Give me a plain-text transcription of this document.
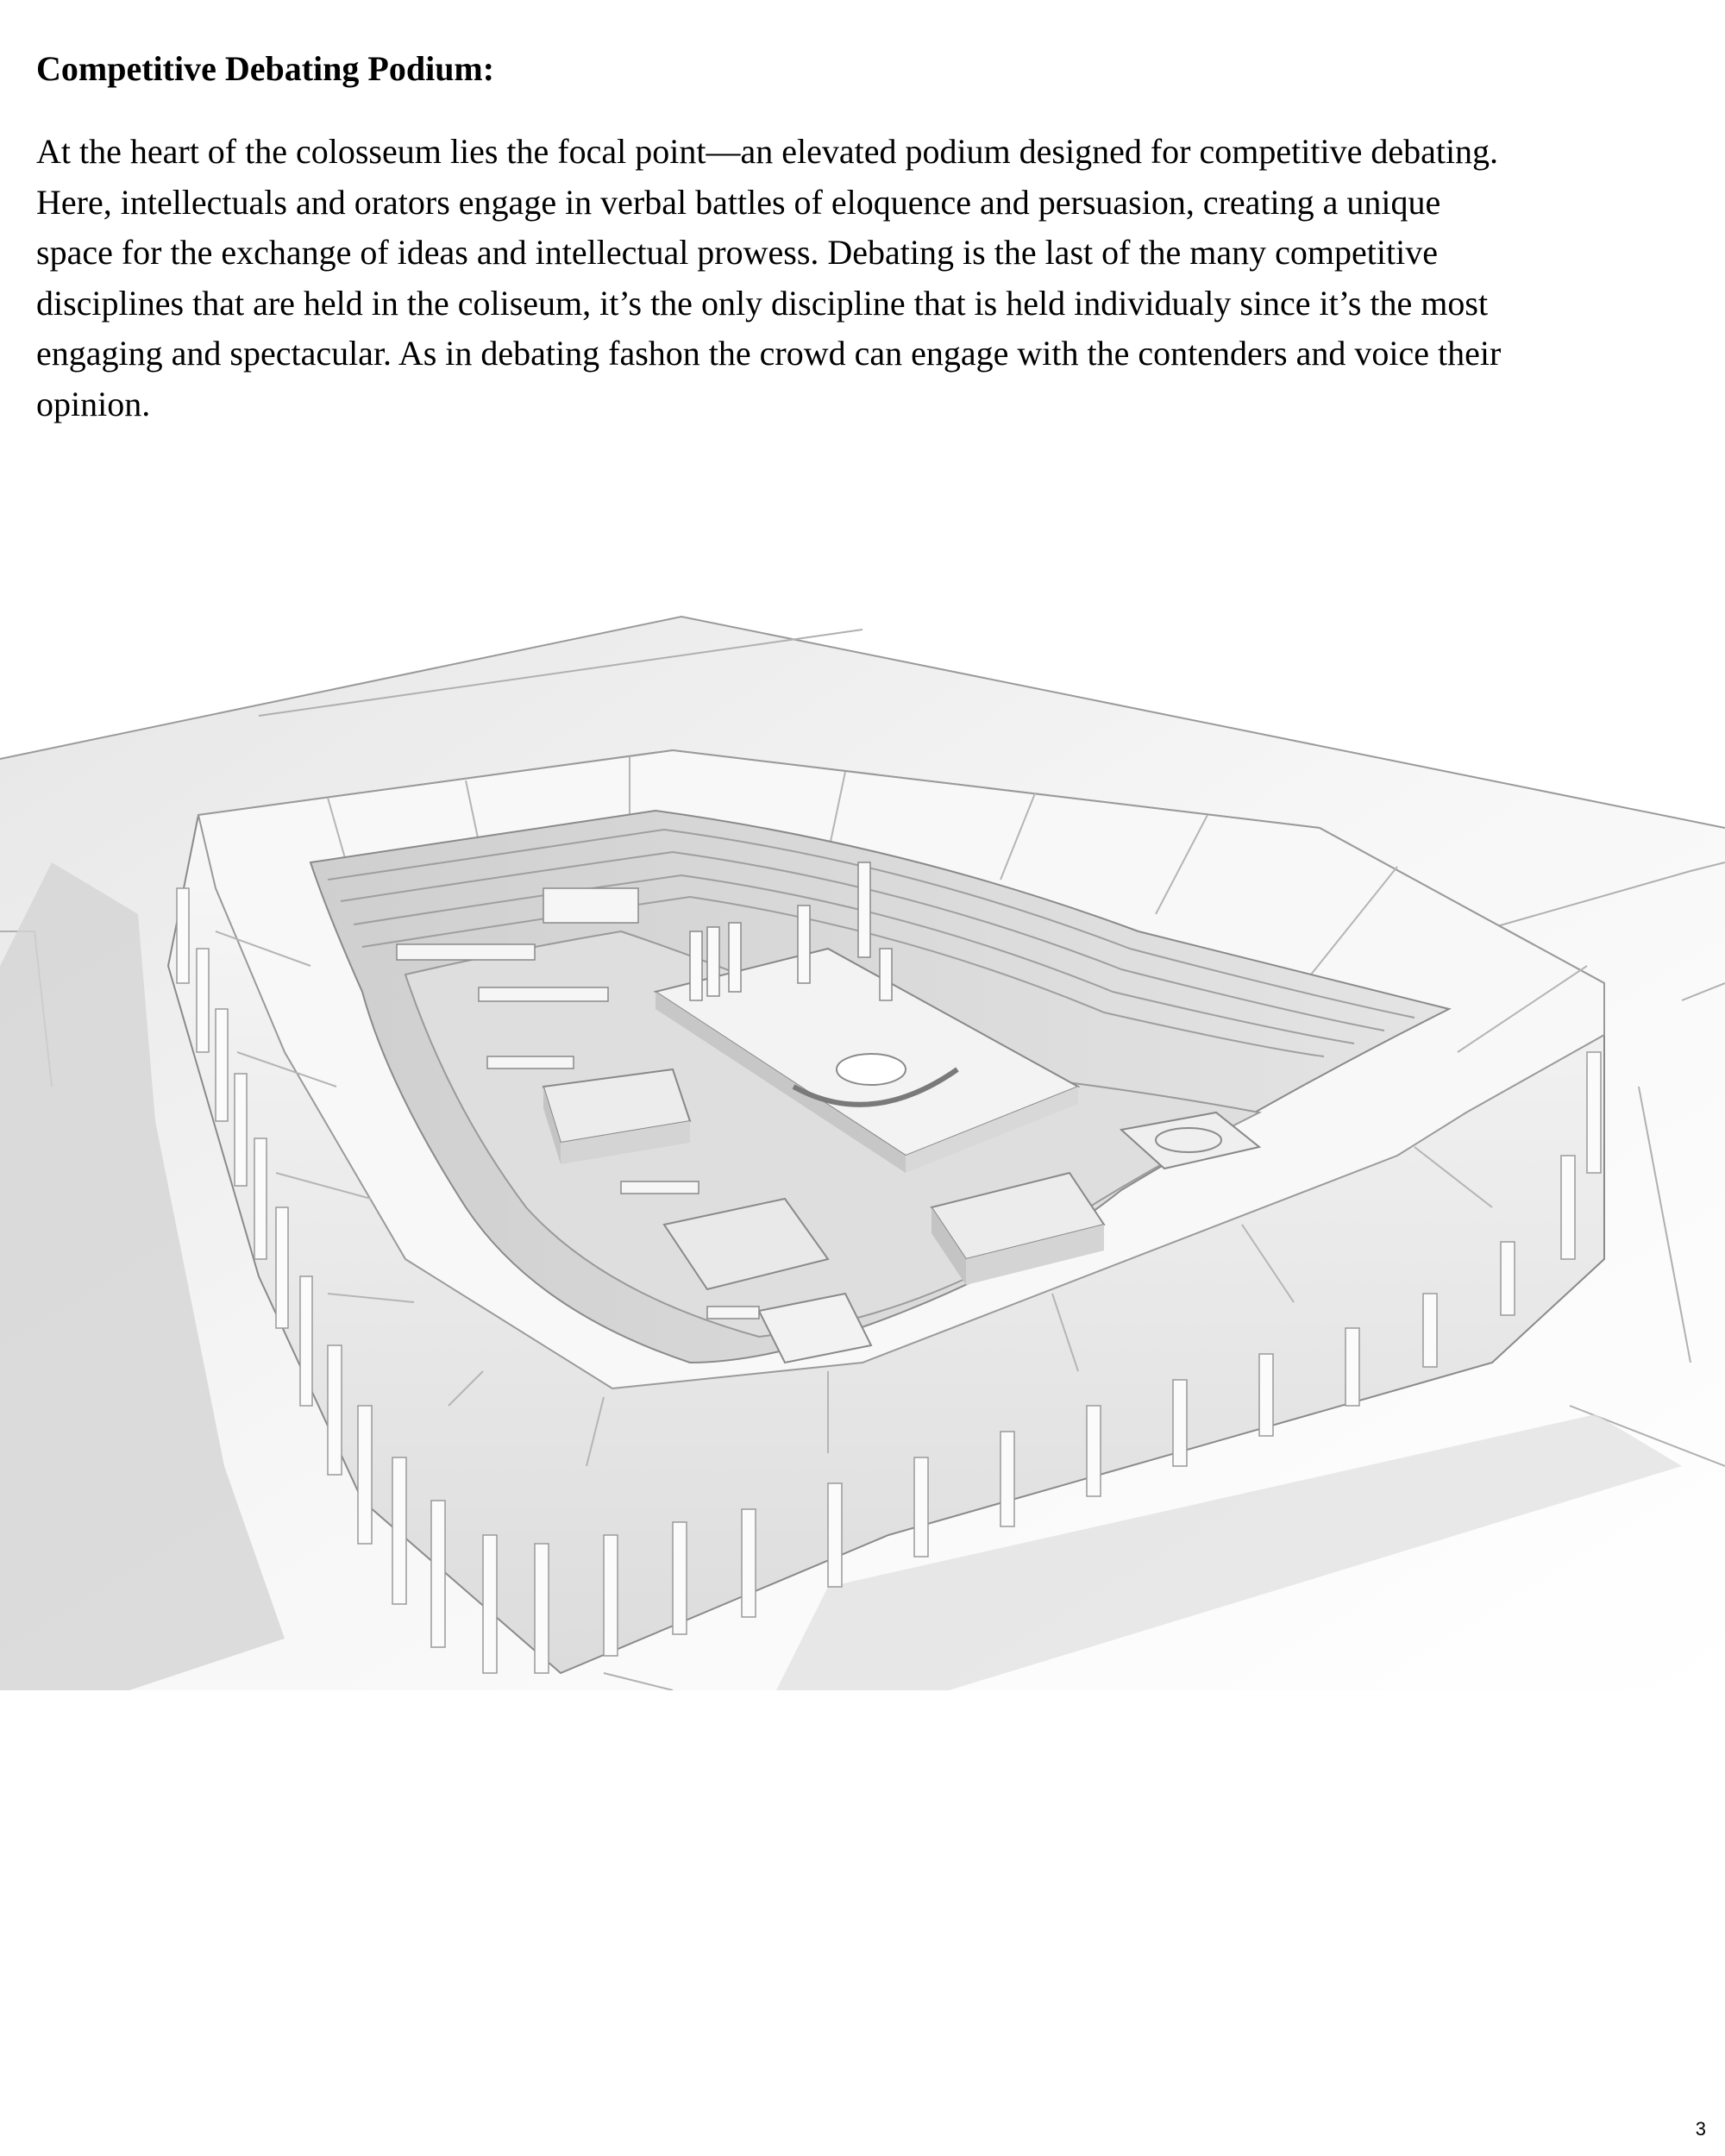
Competitive Debating Podium:

At the heart of the colosseum lies the focal point—an elevated podium designed for competitive debating.
Here, intellectuals and orators engage in verbal battles of eloquence and persuasion, creating a unique
space for the exchange of ideas and intellectual prowess. Debating is the last of the many competitive
disciplines that are held in the coliseum, it’s the only discipline that is held individualy since it’s the most
engaging and spectacular. As in debating fashon the crowd can engage with the contenders and voice their
opinion.

3
